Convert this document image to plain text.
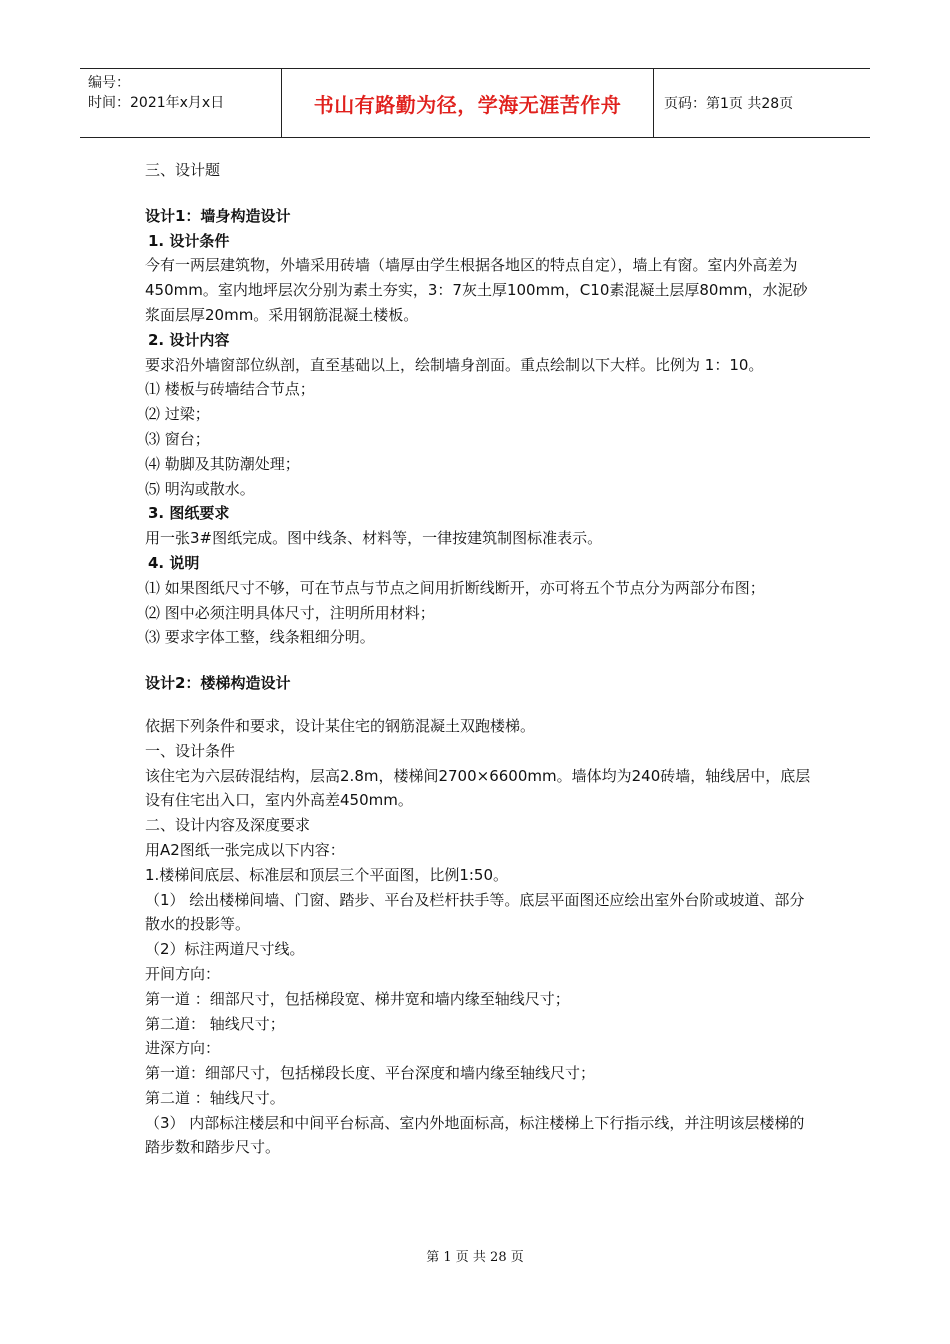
编号：
时间：2021年x月x日	书山有路勤为径，学海无涯苦作舟	页码：第1页 共28页

三、设计题

设计1：墙身构造设计

1. 设计条件

今有一两层建筑物，外墙采用砖墙（墙厚由学生根据各地区的特点自定），墙上有窗。室内外高差为450mm。室内地坪层次分别为素土夯实，3：7灰土厚100mm，C10素混凝土层厚80mm，水泥砂浆面层厚20mm。采用钢筋混凝土楼板。

2. 设计内容

要求沿外墙窗部位纵剖，直至基础以上，绘制墙身剖面。重点绘制以下大样。比例为 1：10。

⑴ 楼板与砖墙结合节点；

⑵ 过梁；

⑶ 窗台；

⑷ 勒脚及其防潮处理；

⑸ 明沟或散水。

3. 图纸要求

用一张3#图纸完成。图中线条、材料等，一律按建筑制图标准表示。

4. 说明

⑴ 如果图纸尺寸不够，可在节点与节点之间用折断线断开，亦可将五个节点分为两部分布图；

⑵ 图中必须注明具体尺寸，注明所用材料；

⑶ 要求字体工整，线条粗细分明。

设计2：楼梯构造设计

依据下列条件和要求，设计某住宅的钢筋混凝土双跑楼梯。

一、设计条件

该住宅为六层砖混结构，层高2.8m，楼梯间2700×6600mm。墙体均为240砖墙，轴线居中，底层设有住宅出入口，室内外高差450mm。

二、设计内容及深度要求

用A2图纸一张完成以下内容：

1.楼梯间底层、标准层和顶层三个平面图，比例1:50。

（1） 绘出楼梯间墙、门窗、踏步、平台及栏杆扶手等。底层平面图还应绘出室外台阶或坡道、部分散水的投影等。

（2）标注两道尺寸线。

开间方向：

第一道 ：细部尺寸，包括梯段宽、梯井宽和墙内缘至轴线尺寸；

第二道： 轴线尺寸；

进深方向：

第一道：细部尺寸，包括梯段长度、平台深度和墙内缘至轴线尺寸；

第二道 ：轴线尺寸。

（3） 内部标注楼层和中间平台标高、室内外地面标高，标注楼梯上下行指示线，并注明该层楼梯的踏步数和踏步尺寸。

第 1 页 共 28 页
